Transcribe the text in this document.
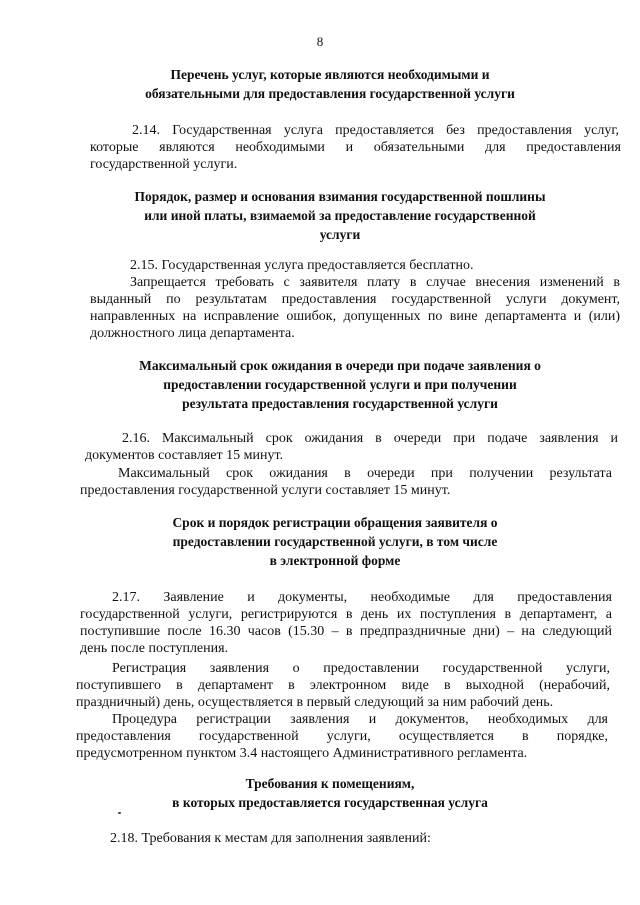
8
Перечень услуг, которые являются необходимыми и
обязательными для предоставления государственной услуги
2.14. Государственная услуга предоставляется без предоставления услуг,
которые являются необходимыми и обязательными для предоставления
государственной услуги.
Порядок, размер и основания взимания государственной пошлины
или иной платы, взимаемой за предоставление государственной
услуги
2.15. Государственная услуга предоставляется бесплатно.
Запрещается требовать с заявителя плату в случае внесения изменений в
выданный по результатам предоставления государственной услуги документ,
направленных на исправление ошибок, допущенных по вине департамента и (или)
должностного лица департамента.
Максимальный срок ожидания в очереди при подаче заявления о
предоставлении государственной услуги и при получении
результата предоставления государственной услуги
2.16. Максимальный срок ожидания в очереди при подаче заявления и
документов составляет 15 минут.
Максимальный срок ожидания в очереди при получении результата
предоставления государственной услуги составляет 15 минут.
Срок и порядок регистрации обращения заявителя о
предоставлении государственной услуги, в том числе
в электронной форме
2.17. Заявление и документы, необходимые для предоставления
государственной услуги, регистрируются в день их поступления в департамент, а
поступившие после 16.30 часов (15.30 – в предпраздничные дни) – на следующий
день после поступления.
Регистрация заявления о предоставлении государственной услуги,
поступившего в департамент в электронном виде в выходной (нерабочий,
праздничный) день, осуществляется в первый следующий за ним рабочий день.
Процедура регистрации заявления и документов, необходимых для
предоставления государственной услуги, осуществляется в порядке,
предусмотренном пунктом 3.4 настоящего Административного регламента.
Требования к помещениям,
в которых предоставляется государственная услуга
2.18. Требования к местам для заполнения заявлений:
